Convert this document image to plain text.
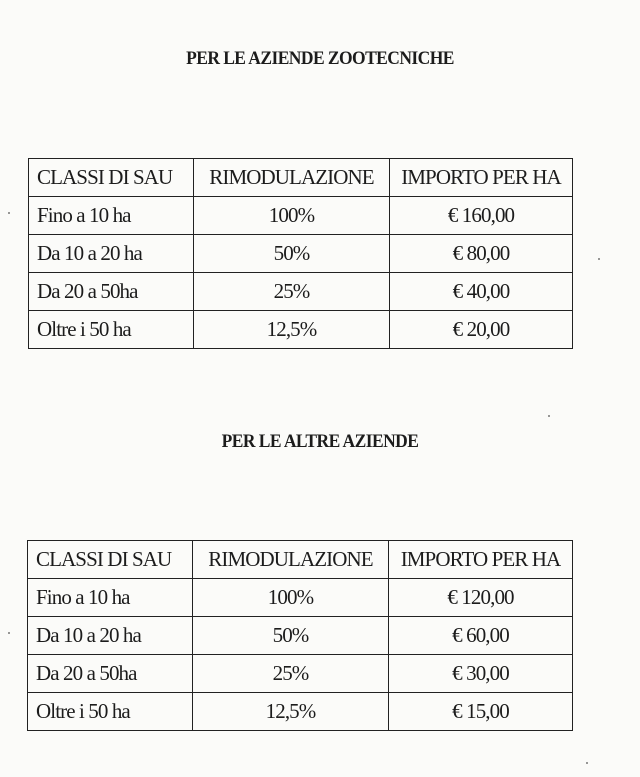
PER LE AZIENDE ZOOTECNICHE
CLASSI DI SAU	RIMODULAZIONE	IMPORTO PER HA
Fino a 10 ha	100%	€ 160,00
Da 10 a 20 ha	50%	€ 80,00
Da 20 a 50ha	25%	€ 40,00
Oltre i 50 ha	12,5%	€ 20,00
PER LE ALTRE AZIENDE
CLASSI DI SAU	RIMODULAZIONE	IMPORTO PER HA
Fino a 10 ha	100%	€ 120,00
Da 10 a 20 ha	50%	€ 60,00
Da 20 a 50ha	25%	€ 30,00
Oltre i 50 ha	12,5%	€ 15,00
